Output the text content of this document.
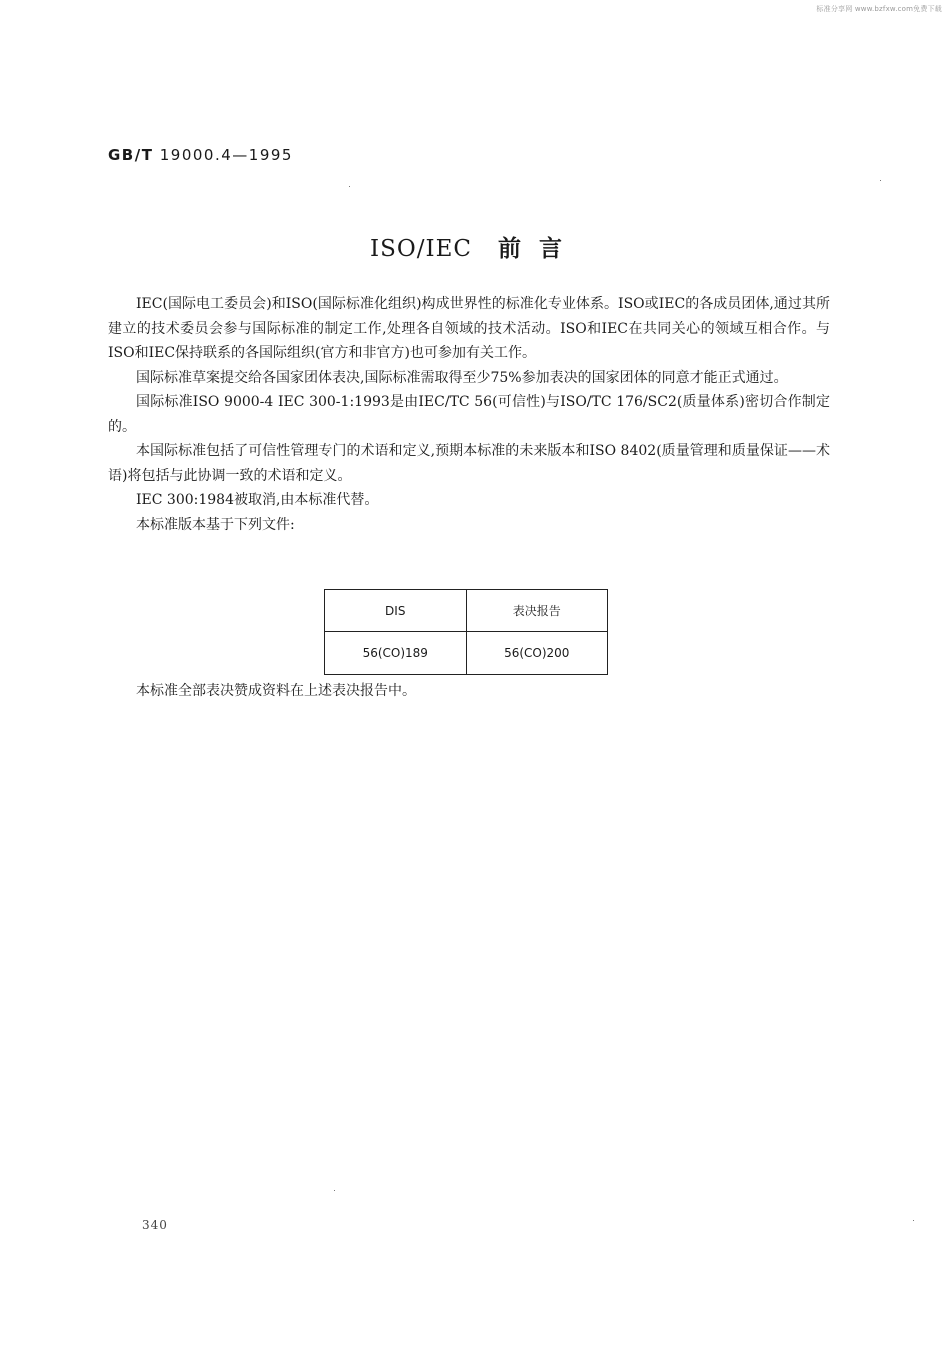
标准分享网 www.bzfxw.com免费下载
GB/T 19000.4—1995
ISO/IEC 前言

IEC(国际电工委员会)和ISO(国际标准化组织)构成世界性的标准化专业体系。ISO或IEC的各成员团体,通过其所建立的技术委员会参与国际标准的制定工作,处理各自领域的技术活动。ISO和IEC在共同关心的领域互相合作。与ISO和IEC保持联系的各国际组织(官方和非官方)也可参加有关工作。

国际标准草案提交给各国家团体表决,国际标准需取得至少75%参加表决的国家团体的同意才能正式通过。

国际标准ISO 9000-4 IEC 300-1:1993是由IEC/TC 56(可信性)与ISO/TC 176/SC2(质量体系)密切合作制定的。

本国际标准包括了可信性管理专门的术语和定义,预期本标准的未来版本和ISO 8402(质量管理和质量保证——术语)将包括与此协调一致的术语和定义。

IEC 300:1984被取消,由本标准代替。

本标准版本基于下列文件:

DIS	表决报告
56(CO)189	56(CO)200
本标准全部表决赞成资料在上述表决报告中。
340
